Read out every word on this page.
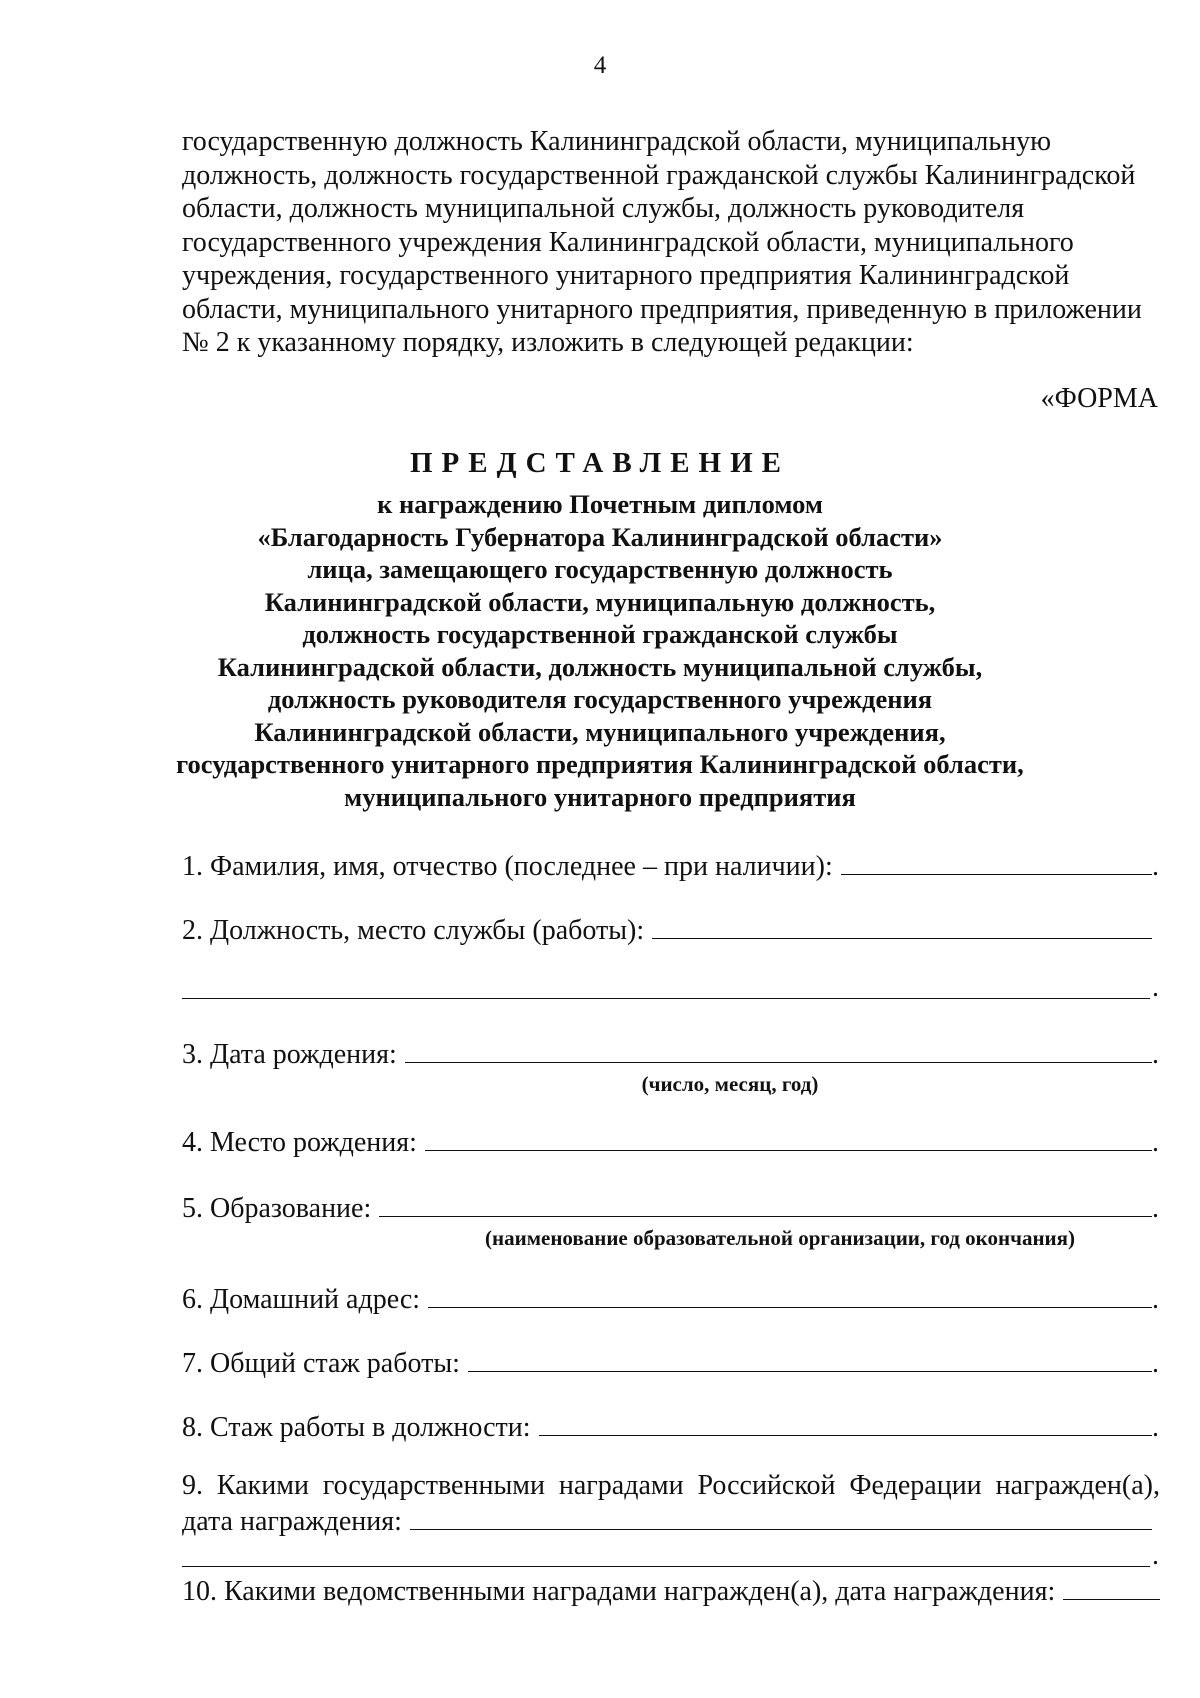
4
государственную должность Калининградской области, муниципальную
должность, должность государственной гражданской службы Калининградской
области, должность муниципальной службы, должность руководителя
государственного учреждения Калининградской области, муниципального
учреждения, государственного унитарного предприятия Калининградской
области, муниципального унитарного предприятия, приведенную в приложении
№ 2 к указанному порядку, изложить в следующей редакции:
«ФОРМА
ПРЕДСТАВЛЕНИЕ
к награждению Почетным дипломом
«Благодарность Губернатора Калининградской области»
лица, замещающего государственную должность
Калининградской области, муниципальную должность,
должность государственной гражданской службы
Калининградской области, должность муниципальной службы,
должность руководителя государственного учреждения
Калининградской области, муниципального учреждения,
государственного унитарного предприятия Калининградской области,
муниципального унитарного предприятия
1. Фамилия, имя, отчество (последнее – при наличии):	.
2. Должность, место службы (работы):
.
3. Дата рождения:	.
(число, месяц, год)
4. Место рождения:	.
5. Образование:	.
(наименование образовательной организации, год окончания)
6. Домашний адрес:	.
7. Общий стаж работы:	.
8. Стаж работы в должности:	.
9. Какими государственными наградами Российской Федерации награжден(а),
дата награждения:
.
10. Какими ведомственными наградами награжден(а), дата награждения:
